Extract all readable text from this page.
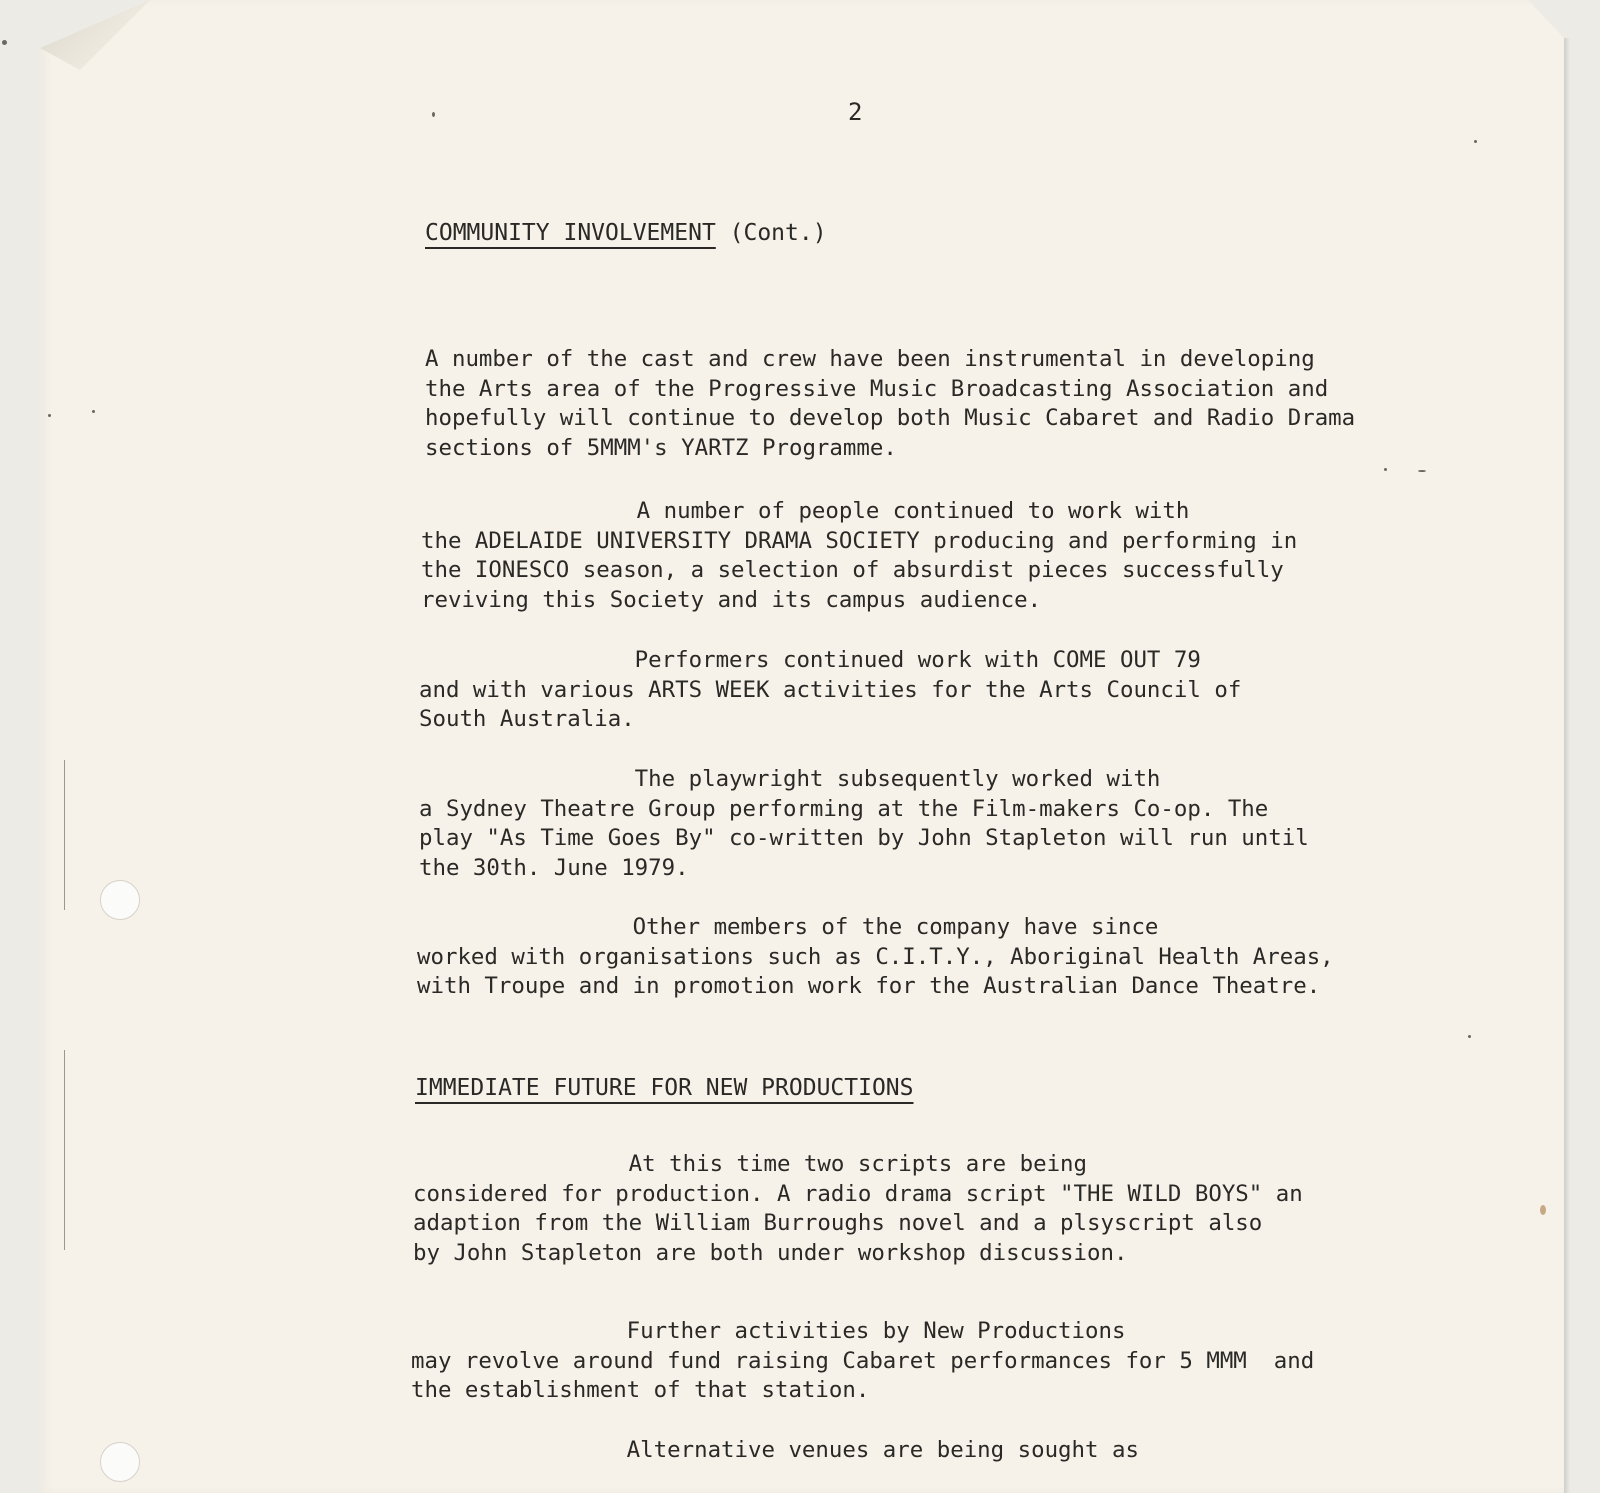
2
COMMUNITY INVOLVEMENT (Cont.)
A number of the cast and crew have been instrumental in developing
the Arts area of the Progressive Music Broadcasting Association and
hopefully will continue to develop both Music Cabaret and Radio Drama
sections of 5MMM's YARTZ Programme.
A number of people continued to work with
the ADELAIDE UNIVERSITY DRAMA SOCIETY producing and performing in
the IONESCO season, a selection of absurdist pieces successfully
reviving this Society and its campus audience.
Performers continued work with COME OUT 79
and with various ARTS WEEK activities for the Arts Council of
South Australia.
The playwright subsequently worked with
a Sydney Theatre Group performing at the Film-makers Co-op. The
play "As Time Goes By" co-written by John Stapleton will run until
the 30th. June 1979.
Other members of the company have since
worked with organisations such as C.I.T.Y., Aboriginal Health Areas,
with Troupe and in promotion work for the Australian Dance Theatre.
IMMEDIATE FUTURE FOR NEW PRODUCTIONS
At this time two scripts are being
considered for production. A radio drama script "THE WILD BOYS" an
adaption from the William Burroughs novel and a plsyscript also
by John Stapleton are both under workshop discussion.
Further activities by New Productions
may revolve around fund raising Cabaret performances for 5 MMM  and
the establishment of that station.
Alternative venues are being sought as
